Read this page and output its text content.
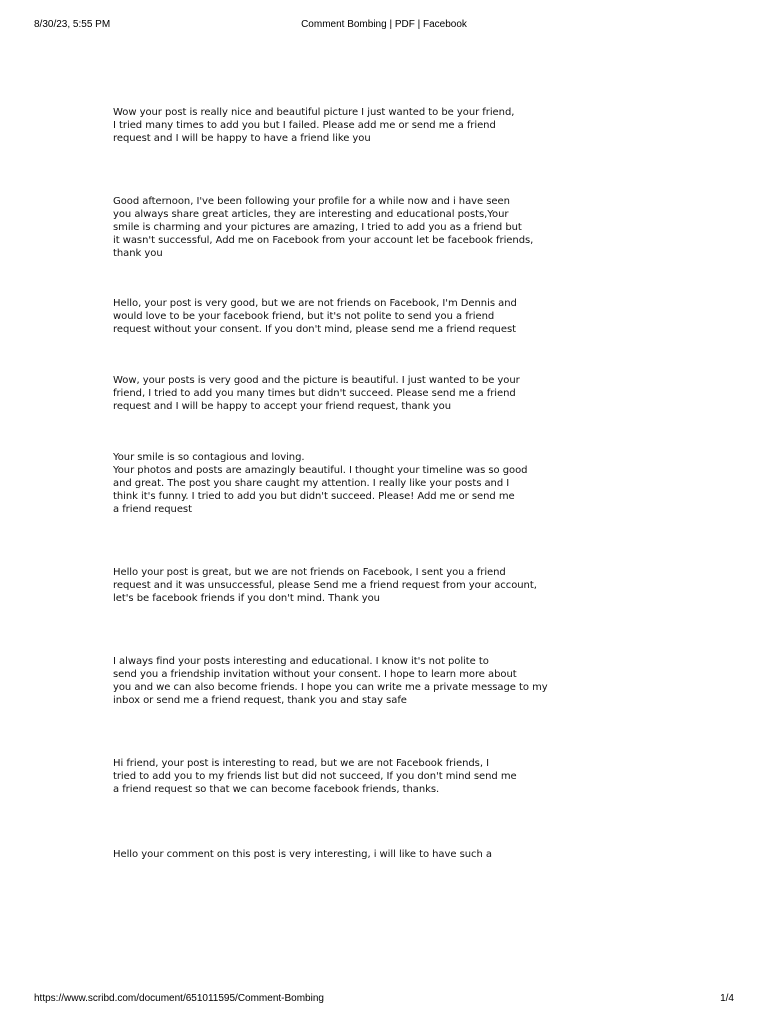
8/30/23, 5:55 PM	Comment Bombing | PDF | Facebook

Wow your post is really nice and beautiful picture I just wanted to be your friend,
I tried many times to add you but I failed. Please add me or send me a friend
request and I will be happy to have a friend like you

Good afternoon, I've been following your profile for a while now and i have seen
you always share great articles, they are interesting and educational posts,Your
smile is charming and your pictures are amazing, I tried to add you as a friend but
it wasn't successful, Add me on Facebook from your account let be facebook friends,
thank you

Hello, your post is very good, but we are not friends on Facebook, I'm Dennis and
would love to be your facebook friend, but it's not polite to send you a friend
request without your consent. If you don't mind, please send me a friend request

Wow, your posts is very good and the picture is beautiful. I just wanted to be your
friend, I tried to add you many times but didn't succeed. Please send me a friend
request and I will be happy to accept your friend request, thank you

Your smile is so contagious and loving.
Your photos and posts are amazingly beautiful. I thought your timeline was so good
and great. The post you share caught my attention. I really like your posts and I
think it's funny. I tried to add you but didn't succeed. Please! Add me or send me
a friend request

Hello your post is great, but we are not friends on Facebook, I sent you a friend
request and it was unsuccessful, please Send me a friend request from your account,
let's be facebook friends if you don't mind. Thank you

I always find your posts interesting and educational. I know it's not polite to
send you a friendship invitation without your consent. I hope to learn more about
you and we can also become friends. I hope you can write me a private message to my
inbox or send me a friend request, thank you and stay safe

Hi friend, your post is interesting to read, but we are not Facebook friends, I
tried to add you to my friends list but did not succeed, If you don't mind send me
a friend request so that we can become facebook friends, thanks.

Hello your comment on this post is very interesting, i will like to have such a

https://www.scribd.com/document/651011595/Comment-Bombing	1/4
